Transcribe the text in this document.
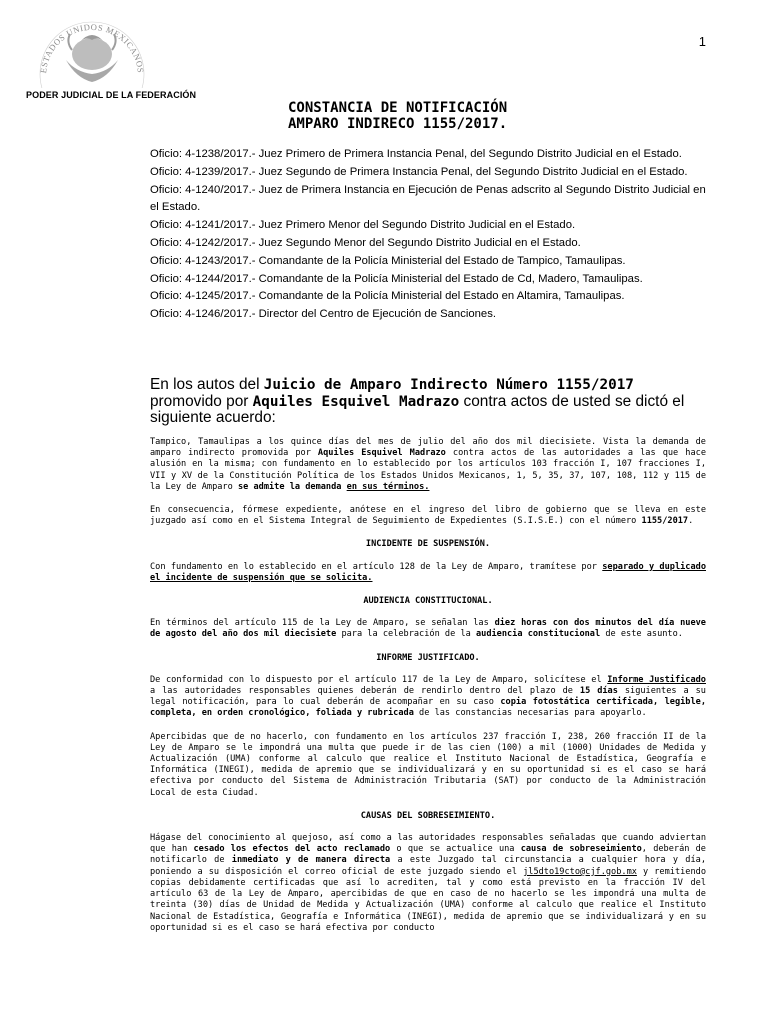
ESTADOS UNIDOS MEXICANOS
PODER JUDICIAL DE LA FEDERACIÓN
1
CONSTANCIA DE NOTIFICACIÓN
AMPARO INDIRECO 1155/2017.

Oficio: 4-1238/2017.- Juez Primero de Primera Instancia Penal, del Segundo Distrito Judicial en el Estado.

Oficio: 4-1239/2017.- Juez Segundo de Primera Instancia Penal, del Segundo Distrito Judicial en el Estado.

Oficio: 4-1240/2017.- Juez de Primera Instancia en Ejecución de Penas adscrito al Segundo Distrito Judicial en el Estado.

Oficio: 4-1241/2017.- Juez Primero Menor del Segundo Distrito Judicial en el Estado.

Oficio: 4-1242/2017.- Juez Segundo Menor del Segundo Distrito Judicial en el Estado.

Oficio: 4-1243/2017.- Comandante de la Policía Ministerial del Estado de Tampico, Tamaulipas.

Oficio: 4-1244/2017.- Comandante de la Policía Ministerial del Estado de Cd, Madero, Tamaulipas.

Oficio: 4-1245/2017.- Comandante de la Policía Ministerial del Estado en Altamira, Tamaulipas.

Oficio: 4-1246/2017.- Director del Centro de Ejecución de Sanciones.

En los autos del Juicio de Amparo Indirecto Número 1155/2017 promovido por Aquiles Esquivel Madrazo contra actos de usted se dictó el siguiente acuerdo:

Tampico, Tamaulipas a los quince días del mes de julio del año dos mil diecisiete. Vista la demanda de amparo indirecto promovida por Aquiles Esquivel Madrazo contra actos de las autoridades a las que hace alusión en la misma; con fundamento en lo establecido por los artículos 103 fracción I, 107 fracciones I, VII y XV de la Constitución Política de los Estados Unidos Mexicanos, 1, 5, 35, 37, 107, 108, 112 y 115 de la Ley de Amparo se admite la demanda en sus términos.

En consecuencia, fórmese expediente, anótese en el ingreso del libro de gobierno que se lleva en este juzgado así como en el Sistema Integral de Seguimiento de Expedientes (S.I.S.E.) con el número 1155/2017.

INCIDENTE DE SUSPENSIÓN.

Con fundamento en lo establecido en el artículo 128 de la Ley de Amparo, tramítese por separado y duplicado el incidente de suspensión que se solicita.

AUDIENCIA CONSTITUCIONAL.

En términos del artículo 115 de la Ley de Amparo, se señalan las diez horas con dos minutos del día nueve de agosto del año dos mil diecisiete para la celebración de la audiencia constitucional de este asunto.

INFORME JUSTIFICADO.

De conformidad con lo dispuesto por el artículo 117 de la Ley de Amparo, solicítese el Informe Justificado a las autoridades responsables quienes deberán de rendirlo dentro del plazo de 15 días siguientes a su legal notificación, para lo cual deberán de acompañar en su caso copia fotostática certificada, legible, completa, en orden cronológico, foliada y rubricada de las constancias necesarias para apoyarlo.

Apercibidas que de no hacerlo, con fundamento en los artículos 237 fracción I, 238, 260 fracción II de la Ley de Amparo se le impondrá una multa que puede ir de las cien (100) a mil (1000) Unidades de Medida y Actualización (UMA) conforme al calculo que realice el Instituto Nacional de Estadística, Geografía e Informática (INEGI), medida de apremio que se individualizará y en su oportunidad si es el caso se hará efectiva por conducto del Sistema de Administración Tributaria (SAT) por conducto de la Administración Local de esta Ciudad.

CAUSAS DEL SOBRESEIMIENTO.

Hágase del conocimiento al quejoso, así como a las autoridades responsables señaladas que cuando adviertan que han cesado los efectos del acto reclamado o que se actualice una causa de sobreseimiento, deberán de notificarlo de inmediato y de manera directa a este Juzgado tal circunstancia a cualquier hora y día, poniendo a su disposición el correo oficial de este juzgado siendo el jl5dto19cto@cjf.gob.mx y remitiendo copias debidamente certificadas que así lo acrediten, tal y como está previsto en la fracción IV del artículo 63 de la Ley de Amparo, apercibidas de que en caso de no hacerlo se les impondrá una multa de treinta (30) días de Unidad de Medida y Actualización (UMA) conforme al calculo que realice el Instituto Nacional de Estadística, Geografía e Informática (INEGI), medida de apremio que se individualizará y en su oportunidad si es el caso se hará efectiva por conducto
